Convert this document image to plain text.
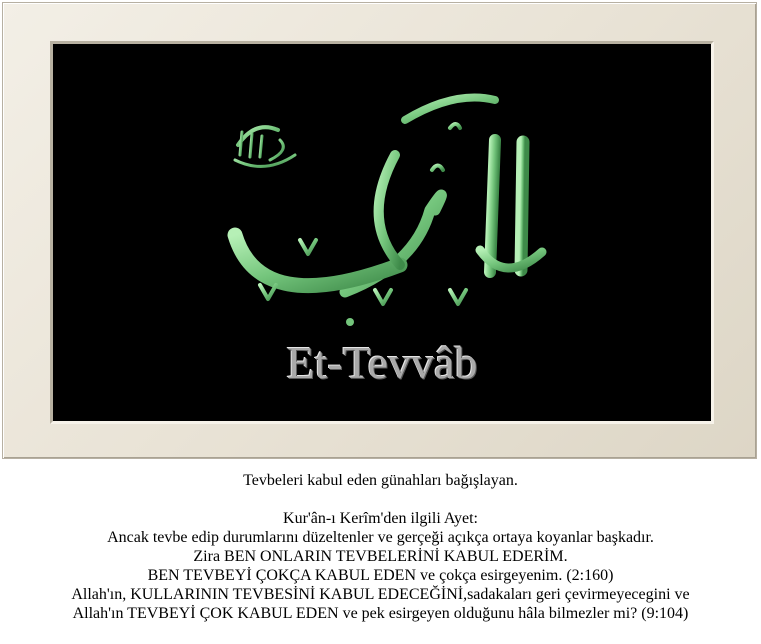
Et-Tevvâb
Tevbeleri kabul eden günahları bağışlayan.
Kur'ân-ı Kerîm'den ilgili Ayet:
Ancak tevbe edip durumlarını düzeltenler ve gerçeği açıkça ortaya koyanlar başkadır.
Zira BEN ONLARIN TEVBELERİNİ KABUL EDERİM.
BEN TEVBEYİ ÇOKÇA KABUL EDEN ve çokça esirgeyenim. (2:160)
Allah'ın, KULLARININ TEVBESİNİ KABUL EDECEĞİNİ,sadakaları geri çevirmeyecegini ve
Allah'ın TEVBEYİ ÇOK KABUL EDEN ve pek esirgeyen olduğunu hâla bilmezler mi? (9:104)
